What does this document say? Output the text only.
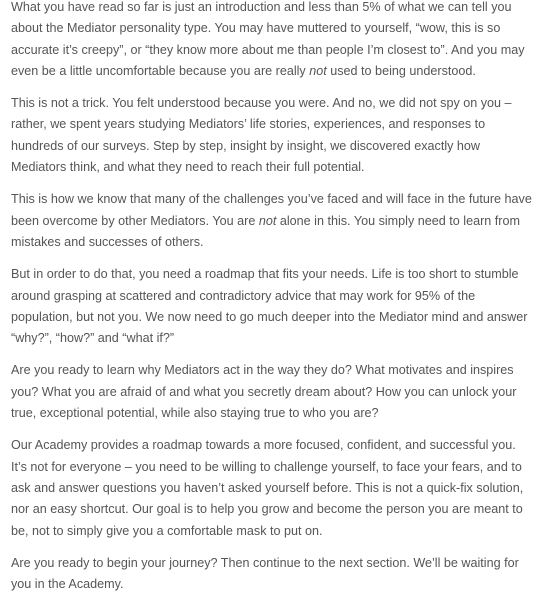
What you have read so far is just an introduction and less than 5% of what we can tell you about the Mediator personality type. You may have muttered to yourself, “wow, this is so accurate it’s creepy”, or “they know more about me than people I’m closest to”. And you may even be a little uncomfortable because you are really not used to being understood.

This is not a trick. You felt understood because you were. And no, we did not spy on you – rather, we spent years studying Mediators’ life stories, experiences, and responses to hundreds of our surveys. Step by step, insight by insight, we discovered exactly how Mediators think, and what they need to reach their full potential.

This is how we know that many of the challenges you’ve faced and will face in the future have been overcome by other Mediators. You are not alone in this. You simply need to learn from mistakes and successes of others.

But in order to do that, you need a roadmap that fits your needs. Life is too short to stumble around grasping at scattered and contradictory advice that may work for 95% of the population, but not you. We now need to go much deeper into the Mediator mind and answer “why?”, “how?” and “what if?”

Are you ready to learn why Mediators act in the way they do? What motivates and inspires you? What you are afraid of and what you secretly dream about? How you can unlock your true, exceptional potential, while also staying true to who you are?

Our Academy provides a roadmap towards a more focused, confident, and successful you. It’s not for everyone – you need to be willing to challenge yourself, to face your fears, and to ask and answer questions you haven’t asked yourself before. This is not a quick-fix solution, nor an easy shortcut. Our goal is to help you grow and become the person you are meant to be, not to simply give you a comfortable mask to put on.

Are you ready to begin your journey? Then continue to the next section. We’ll be waiting for you in the Academy.
